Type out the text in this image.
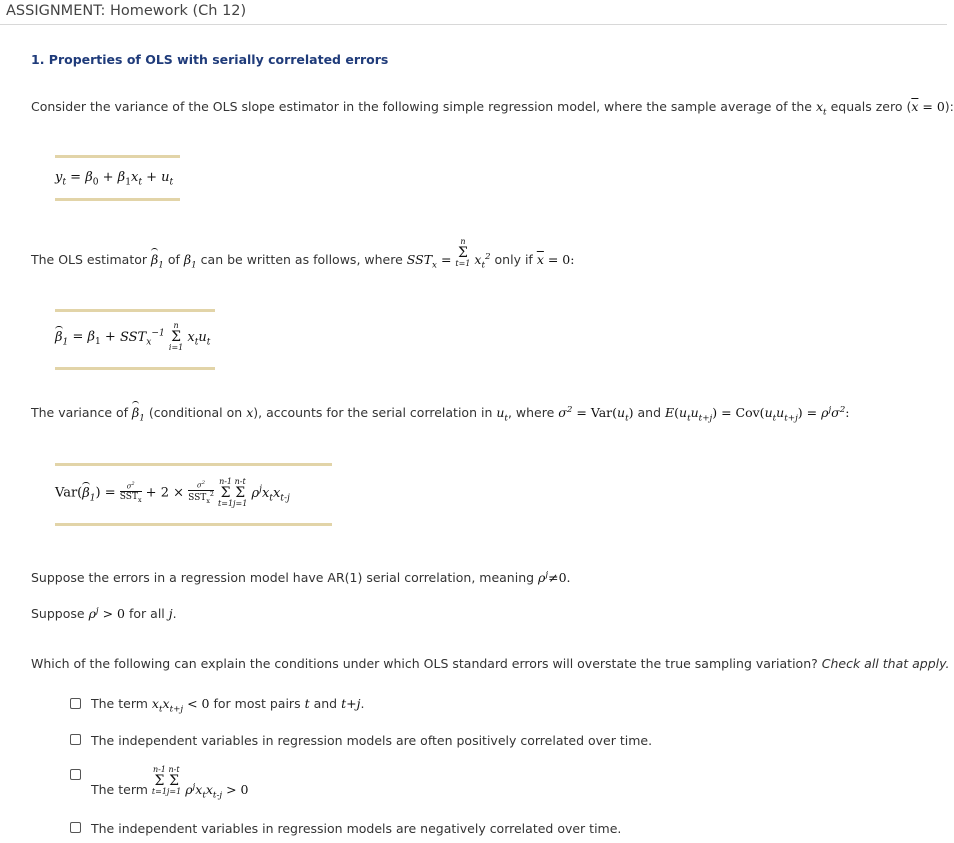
ASSIGNMENT: Homework (Ch 12)
1. Properties of OLS with serially correlated errors
Consider the variance of the OLS slope estimator in the following simple regression model, where the sample average of the $x_t$ equals zero $(\overline{x} = 0)$:
$y_t = \beta_0 + \beta_1x_t + u_t$
The OLS estimator $\beta_1$ of $\beta_1$ can be written as follows, where $SST_x$ =
n
Σ
t=1 $x_t^2$ only if $\overline{x} = 0$:
$\beta_1 = \beta_1 + SST_x^{-1}$
n
Σ
i=1
$x_tu_t$
The variance of $\beta_1$ (conditional on x), accounts for the serial correlation in $u_t$, where $\sigma^2 = Var(u_t)$ and $E(u_tu_{t+j}) = Cov(u_tu_{t+j}) = \rho^j\sigma^2$:
$Var(\beta_1) = \frac{\sigma^2}{SST_x} + 2 \times \frac{\sigma^2}{SST_x^2}$
n-1
Σ
t=1
n-t
Σ
j=1
$\rho^jx_tx_{t-j}$
Suppose the errors in a regression model have AR(1) serial correlation, meaning $\rho^j\ne 0$.
Suppose $\rho^j > 0$ for all j.
Which of the following can explain the conditions under which OLS standard errors will overstate the true sampling variation? Check all that apply.
The term $x_tx_{t+j} < 0$ for most pairs t and t+j.
The independent variables in regression models are often positively correlated over time.
The term
n-1
Σ
t=1
n-t
Σ
j=1 $\rho^jx_tx_{t-j} > 0$
The independent variables in regression models are negatively correlated over time.
